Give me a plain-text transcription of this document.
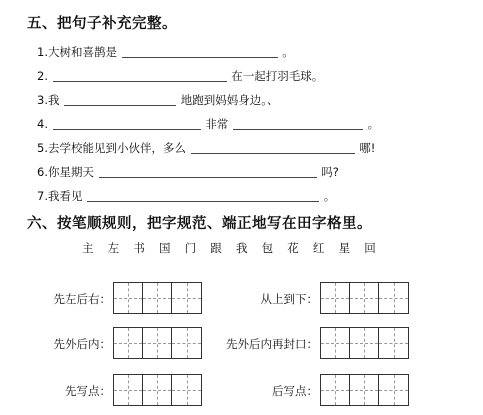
五、把句子补充完整。
1.大树和喜鹊是	。
2.	在一起打羽毛球。
3.我	地跑到妈妈身边。、
4.	非常	。
5.去学校能见到小伙伴，多么	哪!
6.你星期天	吗?
7.我看见	。
六、按笔顺规则，把字规范、端正地写在田字格里。
主 左 书 国 门 跟 我 包 花 红 星 回
先左后右：	从上到下：
先外后内：	先外后内再封口：
先写点：	后写点：
